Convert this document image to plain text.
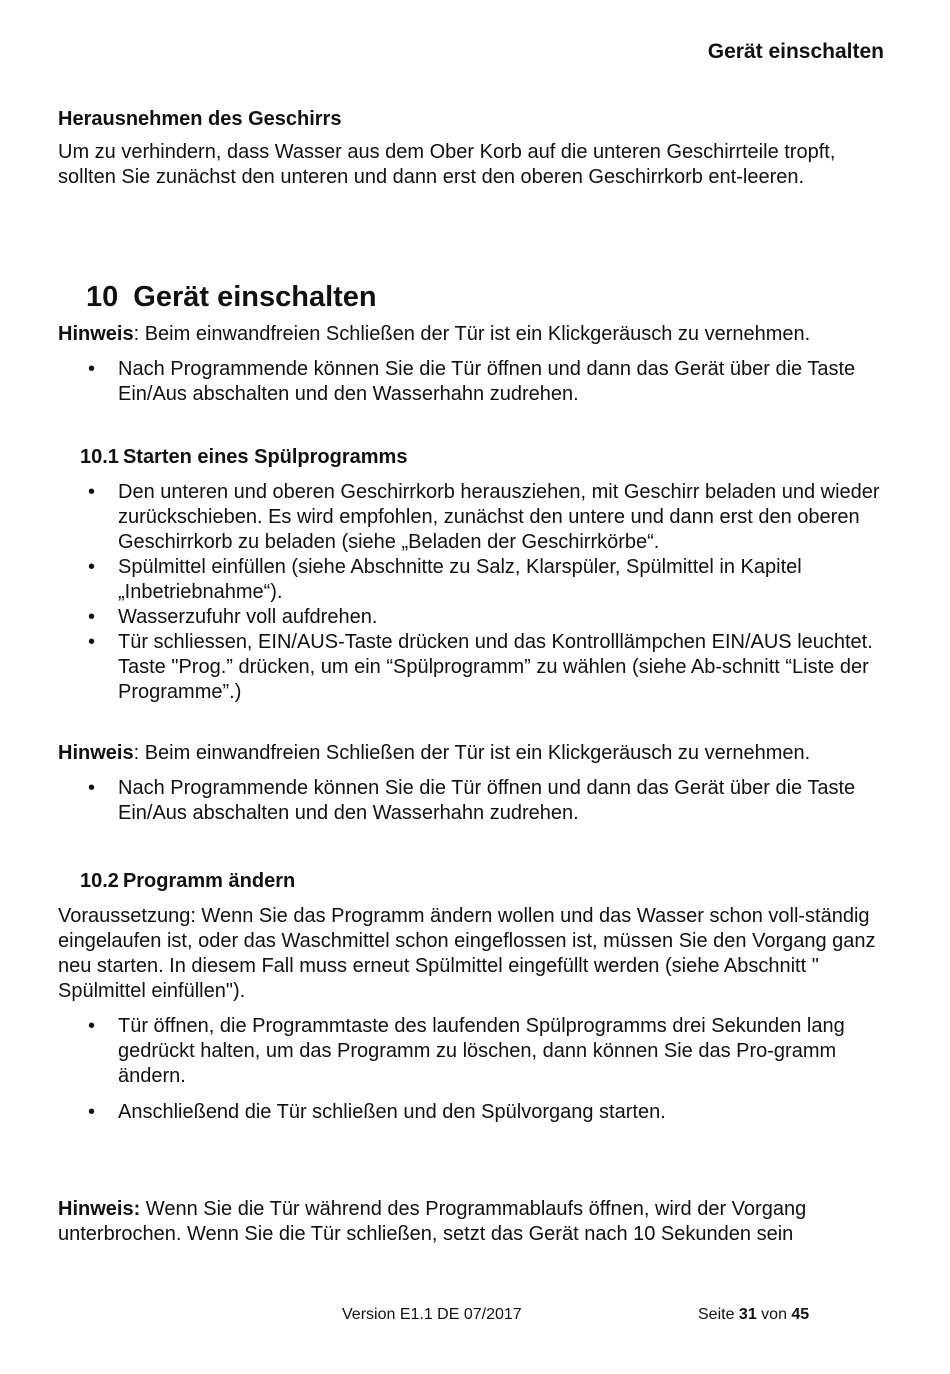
Gerät einschalten
Herausnehmen des Geschirrs

Um zu verhindern, dass Wasser aus dem Ober Korb auf die unteren Geschirrteile tropft, sollten Sie zunächst den unteren und dann erst den oberen Geschirrkorb ent-leeren.

10 Gerät einschalten

Hinweis: Beim einwandfreien Schließen der Tür ist ein Klickgeräusch zu vernehmen.

• Nach Programmende können Sie die Tür öffnen und dann das Gerät über die Taste Ein/Aus abschalten und den Wasserhahn zudrehen.
10.1 Starten eines Spülprogramms
• Den unteren und oberen Geschirrkorb herausziehen, mit Geschirr beladen und wieder zurückschieben. Es wird empfohlen, zunächst den untere und dann erst den oberen Geschirrkorb zu beladen (siehe „Beladen der Geschirrkörbe“.
• Spülmittel einfüllen (siehe Abschnitte zu Salz, Klarspüler, Spülmittel in Kapitel „Inbetriebnahme“).
• Wasserzufuhr voll aufdrehen.
• Tür schliessen, EIN/AUS-Taste drücken und das Kontrolllämpchen EIN/AUS leuchtet. Taste "Prog.” drücken, um ein “Spülprogramm” zu wählen (siehe Ab-schnitt “Liste der Programme”.)

Hinweis: Beim einwandfreien Schließen der Tür ist ein Klickgeräusch zu vernehmen.

• Nach Programmende können Sie die Tür öffnen und dann das Gerät über die Taste Ein/Aus abschalten und den Wasserhahn zudrehen.
10.2 Programm ändern

Voraussetzung: Wenn Sie das Programm ändern wollen und das Wasser schon voll-ständig eingelaufen ist, oder das Waschmittel schon eingeflossen ist, müssen Sie den Vorgang ganz neu starten. In diesem Fall muss erneut Spülmittel eingefüllt werden (siehe Abschnitt " Spülmittel einfüllen").

• Tür öffnen, die Programmtaste des laufenden Spülprogramms drei Sekunden lang gedrückt halten, um das Programm zu löschen, dann können Sie das Pro-gramm ändern.
• Anschließend die Tür schließen und den Spülvorgang starten.

Hinweis: Wenn Sie die Tür während des Programmablaufs öffnen, wird der Vorgang unterbrochen. Wenn Sie die Tür schließen, setzt das Gerät nach 10 Sekunden sein

Version E1.1 DE 07/2017	Seite 31 von 45
